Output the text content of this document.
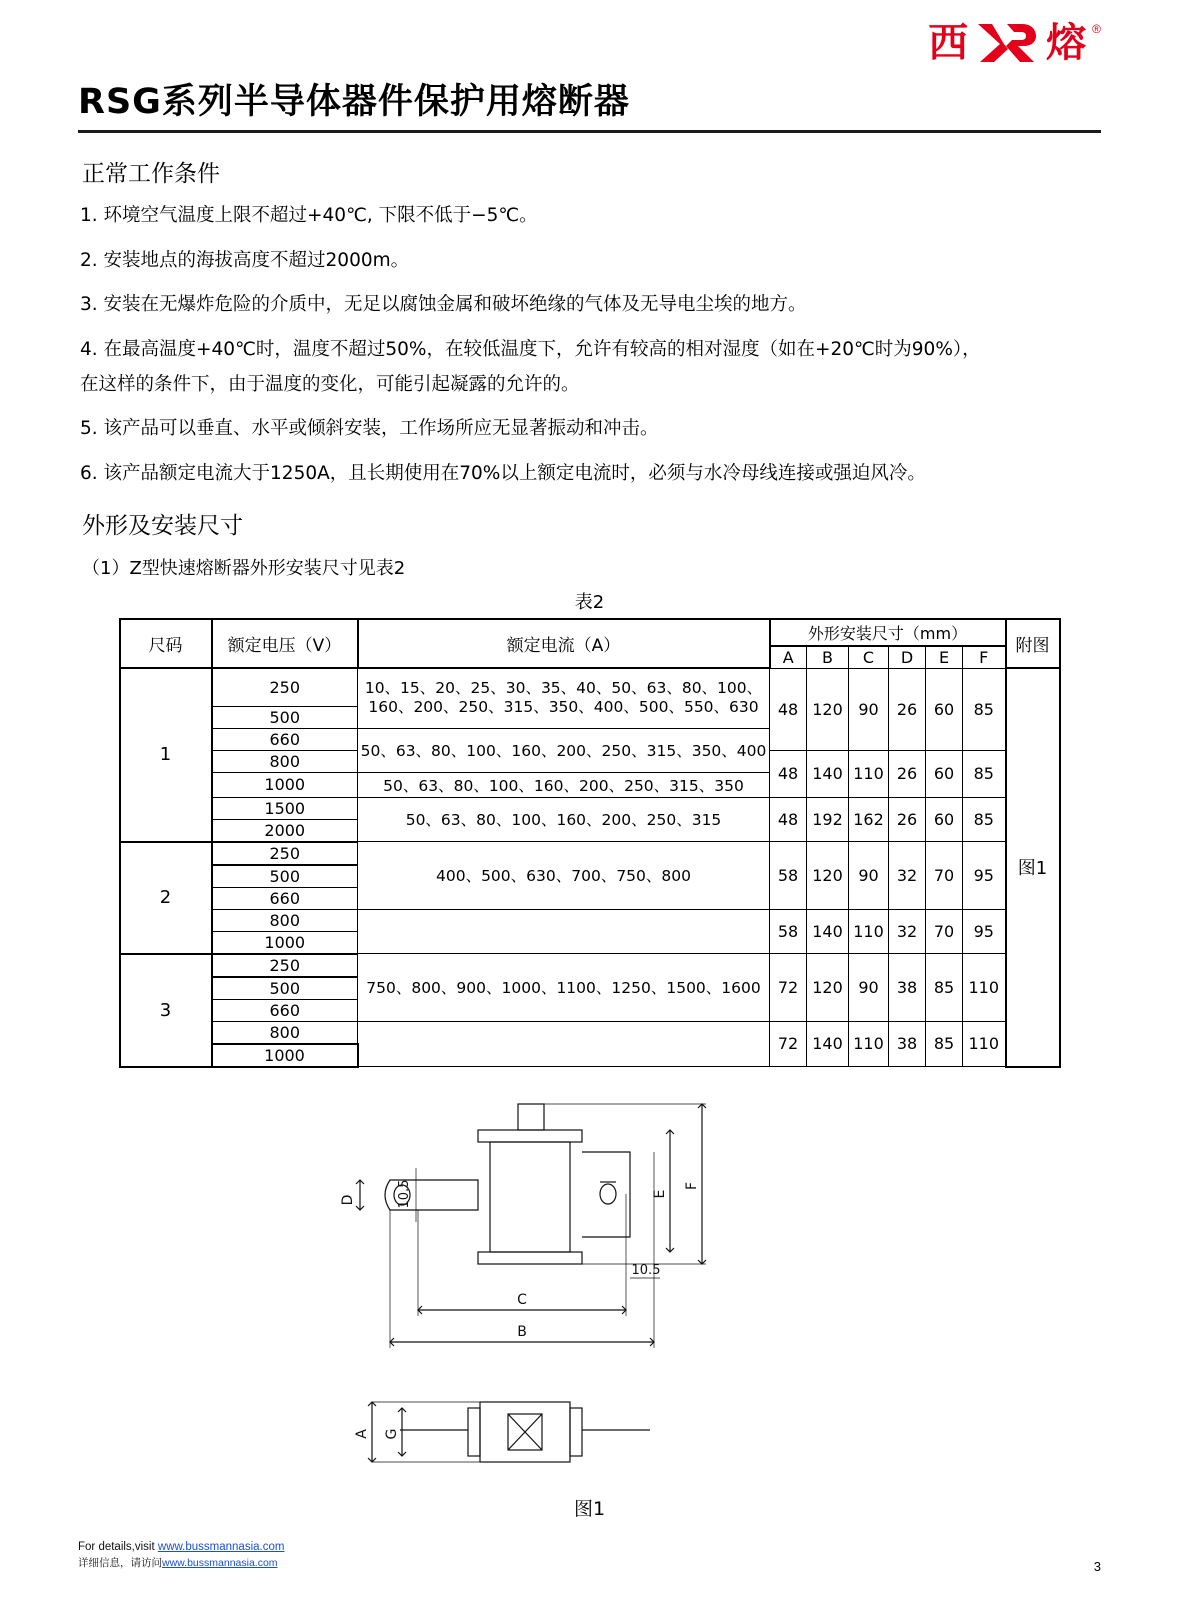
西 熔 ®
RSG系列半导体器件保护用熔断器
正常工作条件

1. 环境空气温度上限不超过+40℃, 下限不低于−5℃。

2. 安装地点的海拔高度不超过2000m。

3. 安装在无爆炸危险的介质中，无足以腐蚀金属和破坏绝缘的气体及无导电尘埃的地方。

4. 在最高温度+40℃时，温度不超过50%，在较低温度下，允许有较高的相对湿度（如在+20℃时为90%），

在这样的条件下，由于温度的变化，可能引起凝露的允许的。

5. 该产品可以垂直、水平或倾斜安装，工作场所应无显著振动和冲击。

6. 该产品额定电流大于1250A，且长期使用在70%以上额定电流时，必须与水冷母线连接或强迫风冷。

外形及安装尺寸

（1）Z型快速熔断器外形安装尺寸见表2

表2
尺码	额定电压（V）	额定电流（A）	外形安装尺寸（mm）						附图
			A	B	C	D	E	F	
1	250	10、15、20、25、30、35、40、50、63、80、100、
160、200、250、315、350、400、500、550、630	48	120	90	26	60	85	图1
	500								
	660	50、63、80、100、160、200、250、315、350、400							
	800		48	140	110	26	60	85	
	1000	50、63、80、100、160、200、250、315、350							
	1500	50、63、80、100、160、200、250、315	48	192	162	26	60	85	
	2000								
2	250	400、500、630、700、750、800	58	120	90	32	70	95	
	500								
	660								
	800		58	140	110	32	70	95	
	1000								
3	250	750、800、900、1000、1100、1250、1500、1600	72	120	90	38	85	110	
	500								
	660								
	800		72	140	110	38	85	110	
	1000								
D
E
F
C
B
A G
10.5
10.5
图1
For details,visit www.bussmannasia.com
详细信息，请访问www.bussmannasia.com	3
